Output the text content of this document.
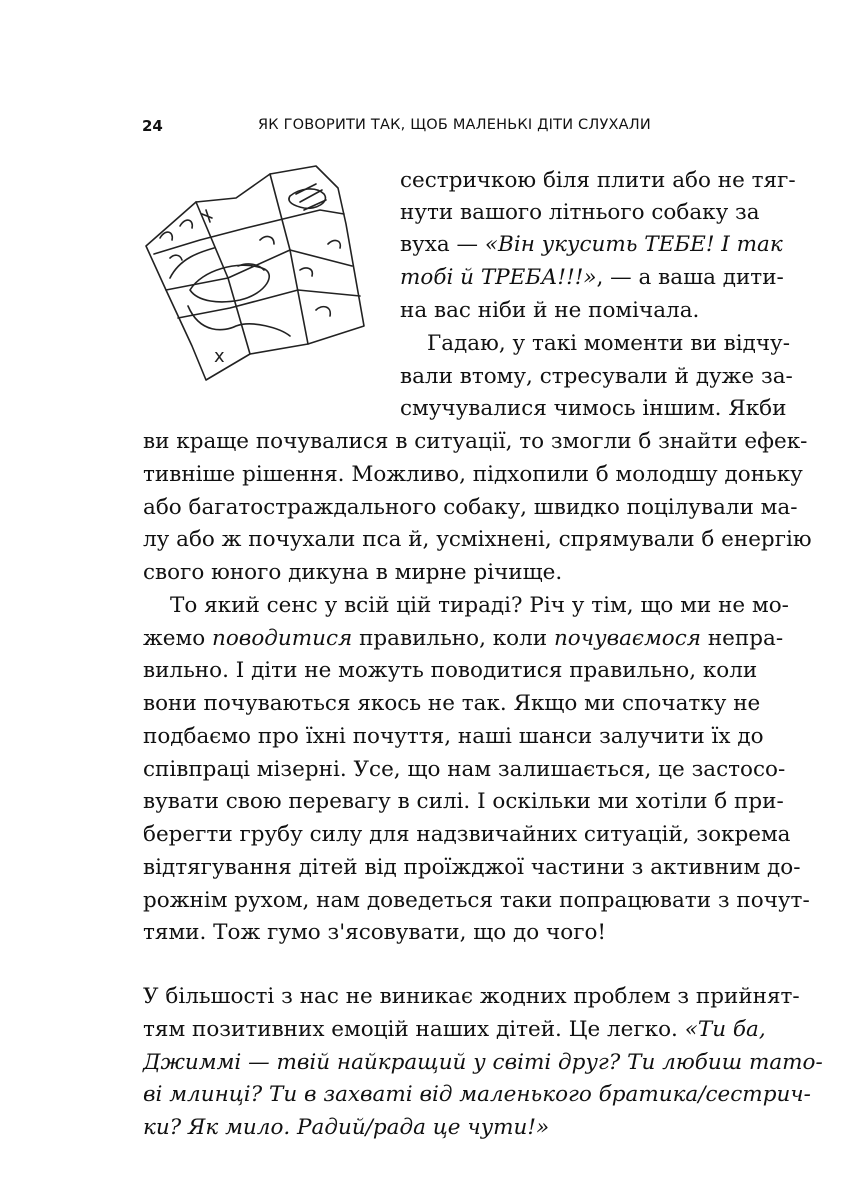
24	ЯК ГОВОРИТИ ТАК, ЩОБ МАЛЕНЬКІ ДІТИ СЛУХАЛИ
x

сестричкою біля плити або не тяг-

нути вашого літнього собаку за

вуха — «Він укусить ТЕБЕ! І так

тобі й ТРЕБА!!!», — а ваша дити-

на вас ніби й не помічала.

Гадаю, у такі моменти ви відчу-

вали втому, стресували й дуже за-

смучувалися чимось іншим. Якби

ви краще почувалися в ситуації, то змогли б знайти ефек-

тивніше рішення. Можливо, підхопили б молодшу доньку

або багатостраждального собаку, швидко поцілували ма-

лу або ж почухали пса й, усміхнені, спрямували б енергію

свого юного дикуна в мирне річище.

То який сенс у всій цій тираді? Річ у тім, що ми не мо-

жемо поводитися правильно, коли почуваємося непра-

вильно. І діти не можуть поводитися правильно, коли

вони почуваються якось не так. Якщо ми спочатку не

подбаємо про їхні почуття, наші шанси залучити їх до

співпраці мізерні. Усе, що нам залишається, це застосо-

вувати свою перевагу в силі. І оскільки ми хотіли б при-

берегти грубу силу для надзвичайних ситуацій, зокрема

відтягування дітей від проїжджої частини з активним до-

рожнім рухом, нам доведеться таки попрацювати з почут-

тями. Тож гумо з'ясовувати, що до чого!

У більшості з нас не виникає жодних проблем з прийнят-

тям позитивних емоцій наших дітей. Це легко. «Ти ба,

Джиммі — твій найкращий у світі друг? Ти любиш тато-

ві млинці? Ти в захваті від маленького братика/сестрич-

ки? Як мило. Радий/рада це чути!»
